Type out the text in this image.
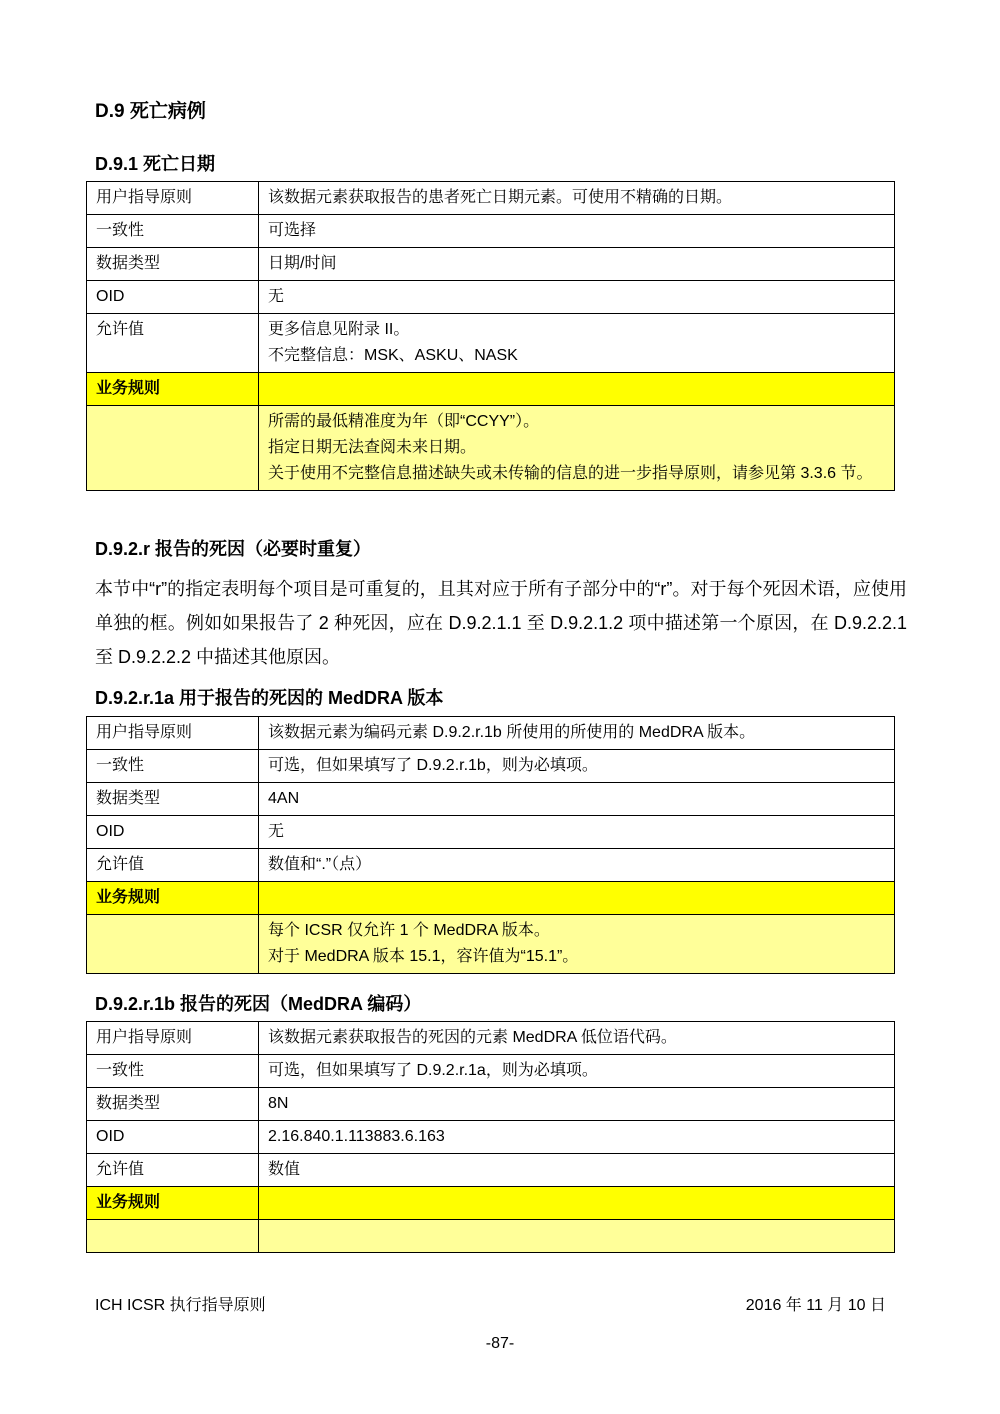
D.9 死亡病例
D.9.1 死亡日期
用户指导原则	该数据元素获取报告的患者死亡日期元素。可使用不精确的日期。
一致性	可选择
数据类型	日期/时间
OID	无
允许值	更多信息见附录 II。
不完整信息：MSK、ASKU、NASK

业务规则	

	所需的最低精准度为年（即“CCYY”）。
指定日期无法查阅未来日期。
关于使用不完整信息描述缺失或未传输的信息的进一步指导原则，请参见第 3.3.6 节。
D.9.2.r 报告的死因（必要时重复）
本节中“r”的指定表明每个项目是可重复的，且其对应于所有子部分中的“r”。对于每个死因术语，应使用单独的框。例如如果报告了 2 种死因，应在 D.9.2.1.1 至 D.9.2.1.2 项中描述第一个原因，在 D.9.2.2.1 至 D.9.2.2.2 中描述其他原因。
D.9.2.r.1a 用于报告的死因的 MedDRA 版本
用户指导原则	该数据元素为编码元素 D.9.2.r.1b 所使用的所使用的 MedDRA 版本。
一致性	可选，但如果填写了 D.9.2.r.1b，则为必填项。
数据类型	4AN
OID	无
允许值	数值和“.”（点）
业务规则	

	每个 ICSR 仅允许 1 个 MedDRA 版本。
对于 MedDRA 版本 15.1，容许值为“15.1”。
D.9.2.r.1b 报告的死因（MedDRA 编码）
用户指导原则	该数据元素获取报告的死因的元素 MedDRA 低位语代码。
一致性	可选，但如果填写了 D.9.2.r.1a，则为必填项。
数据类型	8N
OID	2.16.840.1.113883.6.163
允许值	数值
业务规则	

ICH ICSR 执行指导原则	2016 年 11 月 10 日
-87-
